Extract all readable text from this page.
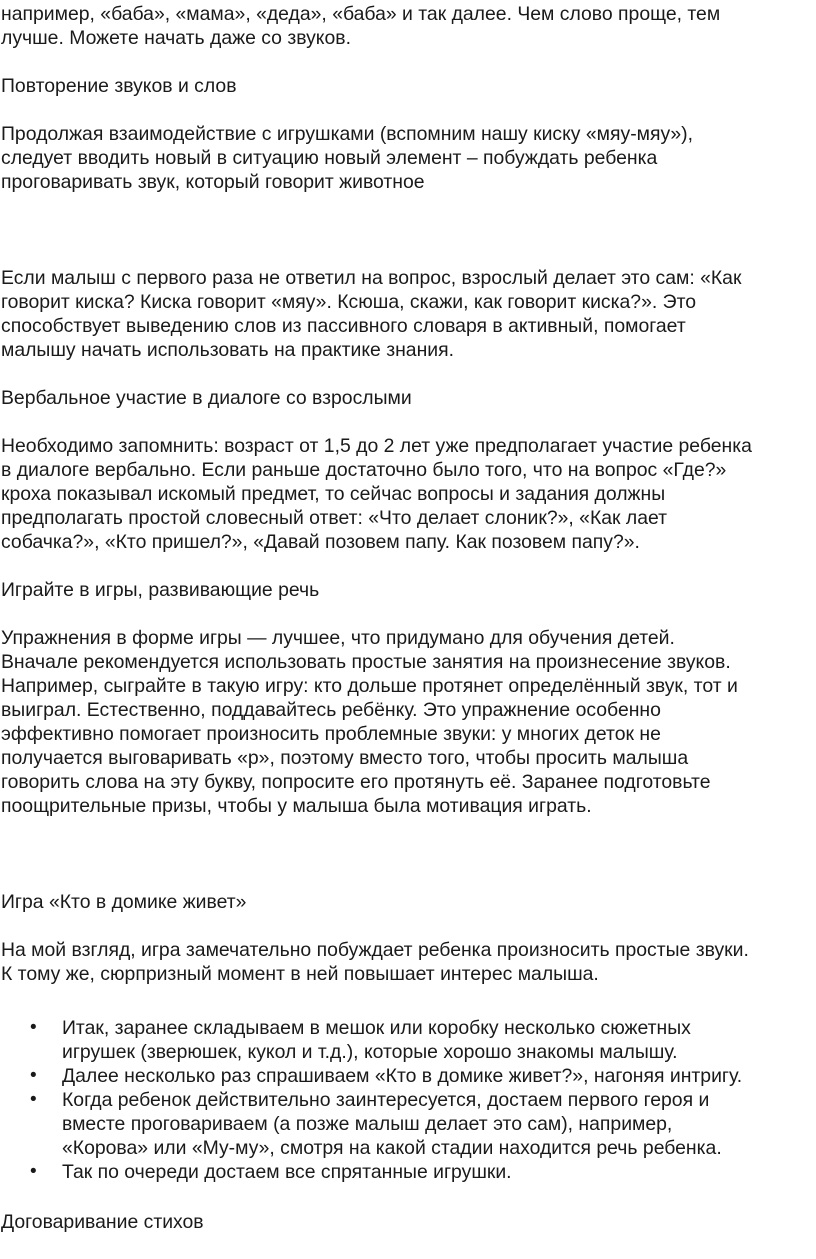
например, «баба», «мама», «деда», «баба» и так далее. Чем слово проще, тем

лучше. Можете начать даже со звуков.

Повторение звуков и слов

Продолжая взаимодействие с игрушками (вспомним нашу киску «мяу-мяу»),

следует вводить новый в ситуацию новый элемент – побуждать ребенка

проговаривать звук, который говорит животное

Если малыш с первого раза не ответил на вопрос, взрослый делает это сам: «Как

говорит киска? Киска говорит «мяу». Ксюша, скажи, как говорит киска?». Это

способствует выведению слов из пассивного словаря в активный, помогает

малышу начать использовать на практике знания.

Вербальное участие в диалоге со взрослыми

Необходимо запомнить: возраст от 1,5 до 2 лет уже предполагает участие ребенка

в диалоге вербально. Если раньше достаточно было того, что на вопрос «Где?»

кроха показывал искомый предмет, то сейчас вопросы и задания должны

предполагать простой словесный ответ: «Что делает слоник?», «Как лает

собачка?», «Кто пришел?», «Давай позовем папу. Как позовем папу?».

Играйте в игры, развивающие речь

Упражнения в форме игры — лучшее, что придумано для обучения детей.

Вначале рекомендуется использовать простые занятия на произнесение звуков.

Например, сыграйте в такую игру: кто дольше протянет определённый звук, тот и

выиграл. Естественно, поддавайтесь ребёнку. Это упражнение особенно

эффективно помогает произносить проблемные звуки: у многих деток не

получается выговаривать «р», поэтому вместо того, чтобы просить малыша

говорить слова на эту букву, попросите его протянуть её. Заранее подготовьте

поощрительные призы, чтобы у малыша была мотивация играть.

Игра «Кто в домике живет»

На мой взгляд, игра замечательно побуждает ребенка произносить простые звуки.

К тому же, сюрпризный момент в ней повышает интерес малыша.

• Итак, заранее складываем в мешок или коробку несколько сюжетных

игрушек (зверюшек, кукол и т.д.), которые хорошо знакомы малышу.

• Далее несколько раз спрашиваем «Кто в домике живет?», нагоняя интригу.

• Когда ребенок действительно заинтересуется, достаем первого героя и

вместе проговариваем (а позже малыш делает это сам), например,

«Корова» или «Му-му», смотря на какой стадии находится речь ребенка.

• Так по очереди достаем все спрятанные игрушки.

Договаривание стихов
